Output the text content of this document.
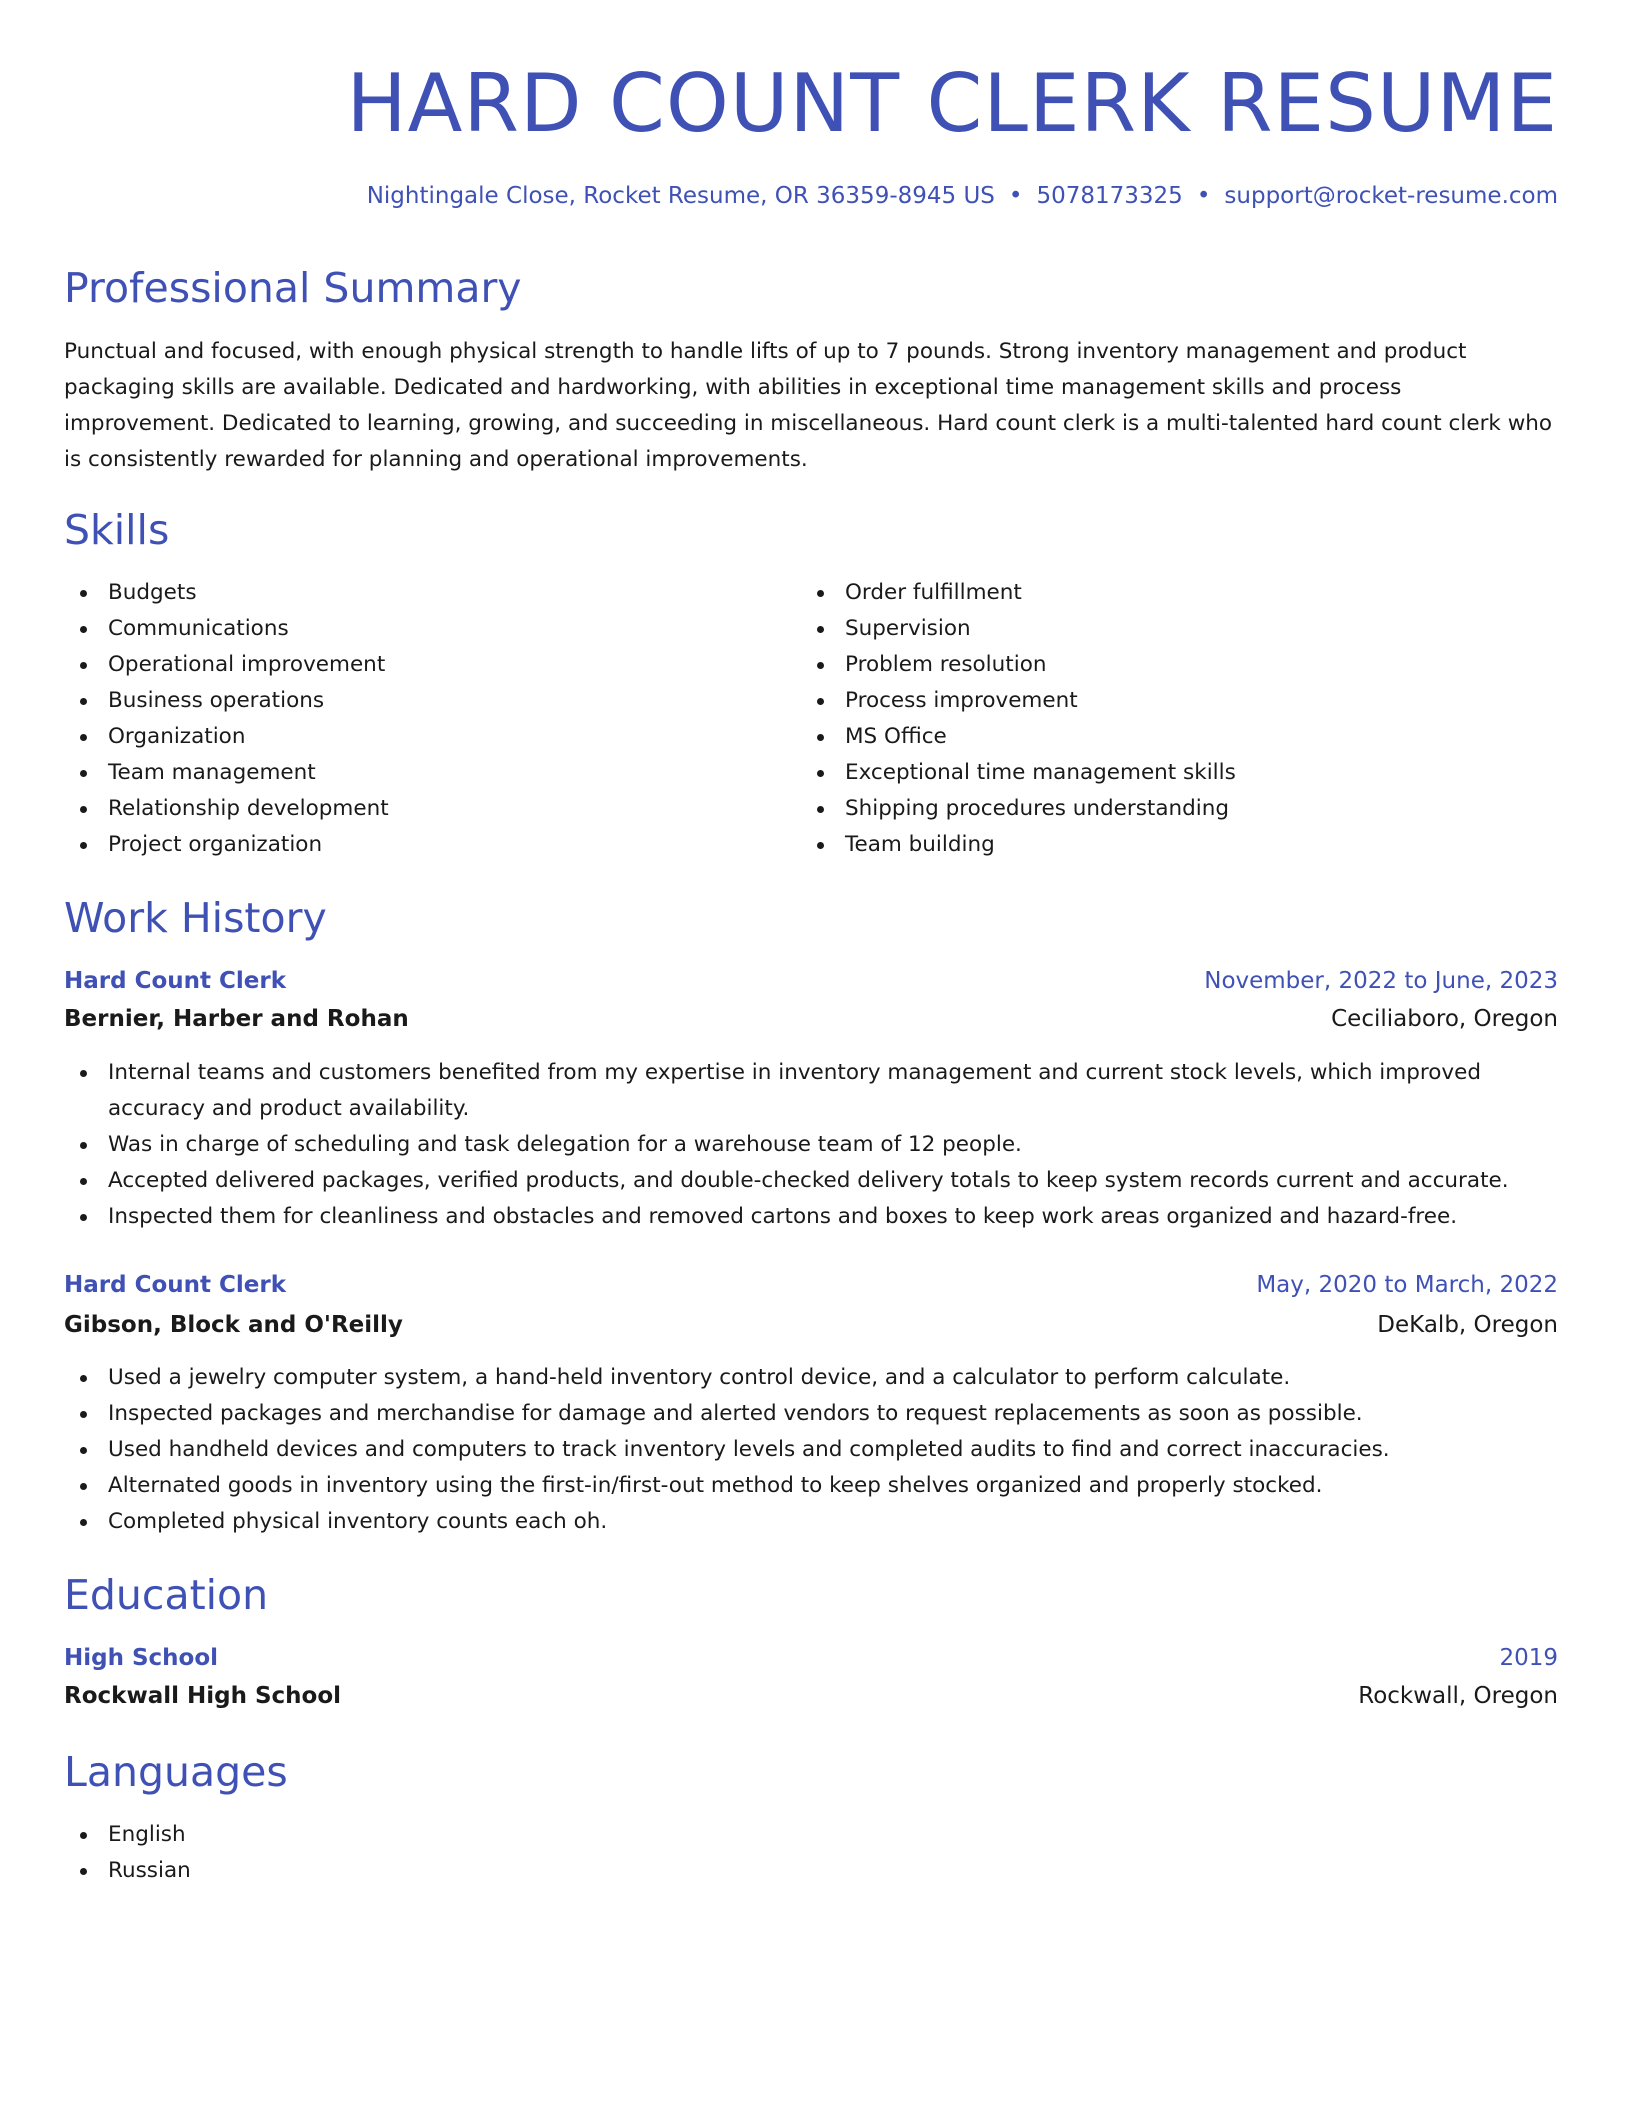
HARD COUNT CLERK RESUME
Nightingale Close, Rocket Resume, OR 36359-8945 US • 5078173325 • support@rocket-resume.com
Professional Summary

Punctual and focused, with enough physical strength to handle lifts of up to 7 pounds. Strong inventory management and product packaging skills are available. Dedicated and hardworking, with abilities in exceptional time management skills and process improvement. Dedicated to learning, growing, and succeeding in miscellaneous. Hard count clerk is a multi-talented hard count clerk who is consistently rewarded for planning and operational improvements.

Skills
Budgets
Communications
Operational improvement
Business operations
Organization
Team management
Relationship development
Project organization
Order fulfillment
Supervision
Problem resolution
Process improvement
MS Office
Exceptional time management skills
Shipping procedures understanding
Team building
Work History
Hard Count Clerk	November, 2022 to June, 2023
Bernier, Harber and Rohan	Ceciliaboro, Oregon
Internal teams and customers benefited from my expertise in inventory management and current stock levels, which improved accuracy and product availability.
Was in charge of scheduling and task delegation for a warehouse team of 12 people.
Accepted delivered packages, verified products, and double-checked delivery totals to keep system records current and accurate.
Inspected them for cleanliness and obstacles and removed cartons and boxes to keep work areas organized and hazard-free.
Hard Count Clerk	May, 2020 to March, 2022
Gibson, Block and O'Reilly	DeKalb, Oregon
Used a jewelry computer system, a hand-held inventory control device, and a calculator to perform calculate.
Inspected packages and merchandise for damage and alerted vendors to request replacements as soon as possible.
Used handheld devices and computers to track inventory levels and completed audits to find and correct inaccuracies.
Alternated goods in inventory using the first-in/first-out method to keep shelves organized and properly stocked.
Completed physical inventory counts each oh.
Education
High School	2019
Rockwall High School	Rockwall, Oregon
Languages
English
Russian
